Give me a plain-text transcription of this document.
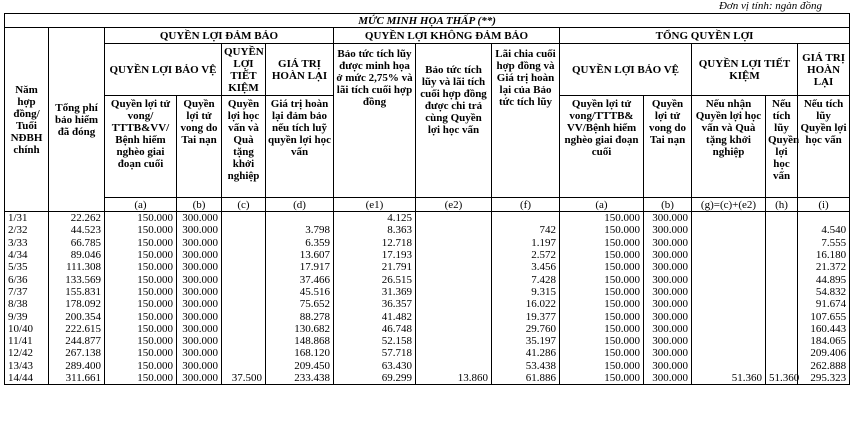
Đơn vị tính: ngàn đồng
MỨC MINH HỌA THẤP (**)													
Năm hợp đồng/ Tuổi NĐBH chính	Tổng phí bảo hiểm đã đóng	QUYỀN LỢI ĐẢM BẢO				QUYỀN LỢI KHÔNG ĐẢM BẢO			TỔNG QUYỀN LỢI				
		QUYỀN LỢI BẢO VỆ		QUYỀN LỢI TIẾT KIỆM	GIÁ TRỊ HOÀN LẠI	Bảo tức tích lũy được minh họa ở mức 2,75% và lãi tích cuối hợp đồng	Bảo tức tích lũy và lãi tích cuối hợp đồng được chi trả cùng Quyền lợi học vấn	Lãi chia cuối hợp đồng và Giá trị hoàn lại của Bảo tức tích lũy	QUYỀN LỢI BẢO VỆ		QUYỀN LỢI TIẾT KIỆM		GIÁ TRỊ HOÀN LẠI
		Quyền lợi tử vong/ TTTB&VV/ Bệnh hiểm nghèo giai đoạn cuối	Quyền lợi tử vong do Tai nạn	Quyền lợi học vấn và Quà tặng khởi nghiệp	Giá trị hoàn lại đảm bảo nếu tích luỹ quyền lợi học vấn				Quyền lợi tử vong/TTTB& VV/Bệnh hiểm nghèo giai đoạn cuối	Quyền lợi tử vong do Tai nạn	Nếu nhận Quyền lợi học vấn và Quà tặng khởi nghiệp	Nếu tích lũy Quyền lợi học vấn	Nếu tích lũy Quyền lợi học vấn
		(a)	(b)	(c)	(d)	(e1)	(e2)	(f)	(a)	(b)	(g)=(c)+(e2)	(h)	(i)
1/31	22.262	150.000	300.000			4.125			150.000	300.000			
2/32	44.523	150.000	300.000		3.798	8.363		742	150.000	300.000			4.540
3/33	66.785	150.000	300.000		6.359	12.718		1.197	150.000	300.000			7.555
4/34	89.046	150.000	300.000		13.607	17.193		2.572	150.000	300.000			16.180
5/35	111.308	150.000	300.000		17.917	21.791		3.456	150.000	300.000			21.372
6/36	133.569	150.000	300.000		37.466	26.515		7.428	150.000	300.000			44.895
7/37	155.831	150.000	300.000		45.516	31.369		9.315	150.000	300.000			54.832
8/38	178.092	150.000	300.000		75.652	36.357		16.022	150.000	300.000			91.674
9/39	200.354	150.000	300.000		88.278	41.482		19.377	150.000	300.000			107.655
10/40	222.615	150.000	300.000		130.682	46.748		29.760	150.000	300.000			160.443
11/41	244.877	150.000	300.000		148.868	52.158		35.197	150.000	300.000			184.065
12/42	267.138	150.000	300.000		168.120	57.718		41.286	150.000	300.000			209.406
13/43	289.400	150.000	300.000		209.450	63.430		53.438	150.000	300.000			262.888
14/44	311.661	150.000	300.000	37.500	233.438	69.299	13.860	61.886	150.000	300.000	51.360	51.360	295.323
